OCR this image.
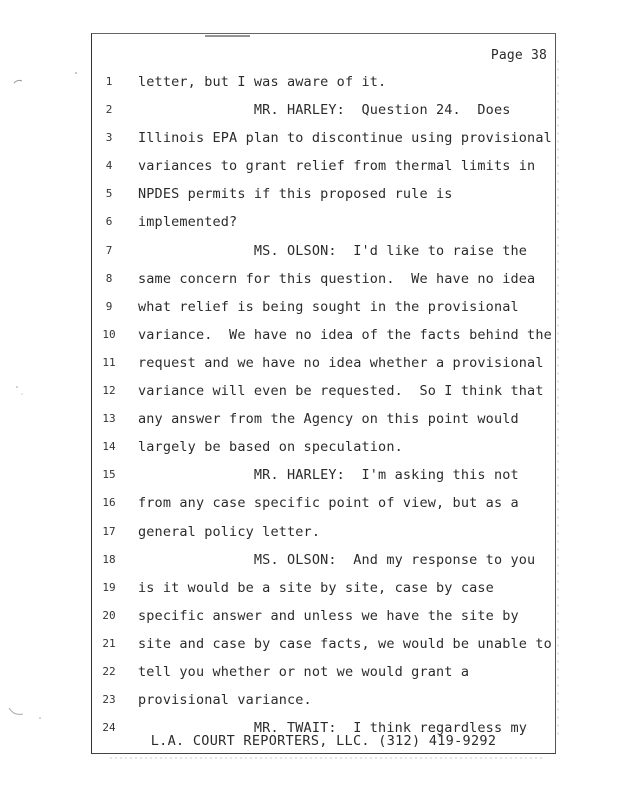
Page 38
1	letter, but I was aware of it.
2	MR. HARLEY:  Question 24.  Does
3	Illinois EPA plan to discontinue using provisional
4	variances to grant relief from thermal limits in
5	NPDES permits if this proposed rule is
6	implemented?
7	MS. OLSON:  I'd like to raise the
8	same concern for this question.  We have no idea
9	what relief is being sought in the provisional
10 variance.  We have no idea of the facts behind the
11 request and we have no idea whether a provisional
12 variance will even be requested.  So I think that
13 any answer from the Agency on this point would
14 largely be based on speculation.
15 MR. HARLEY:  I'm asking this not
16 from any case specific point of view, but as a
17 general policy letter.
18 MS. OLSON:  And my response to you
19 is it would be a site by site, case by case
20 specific answer and unless we have the site by
21 site and case by case facts, we would be unable to
22 tell you whether or not we would grant a
23 provisional variance.
24 MR. TWAIT:  I think regardless my
L.A. COURT REPORTERS, LLC. (312) 419-9292
